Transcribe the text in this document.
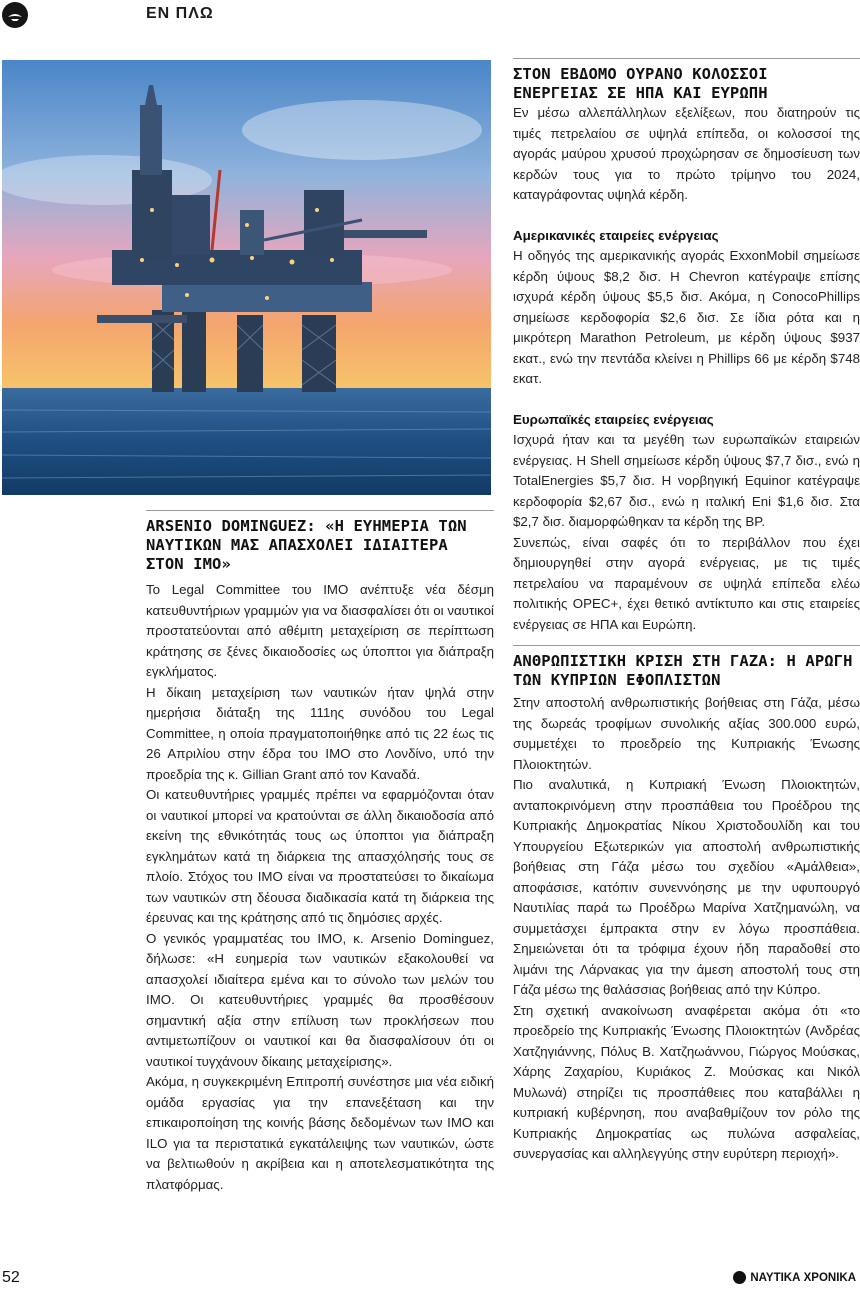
ΕΝ ΠΛΩ
ARSENIO DOMINGUEZ: «Η ΕΥΗΜΕΡΙΑ ΤΩΝ ΝΑΥΤΙΚΩΝ ΜΑΣ ΑΠΑΣΧΟΛΕΙ ΙΔΙΑΙΤΕΡΑ ΣΤΟΝ ΙΜΟ»

Το Legal Committee του IMO ανέπτυξε νέα δέσμη κατευθυντήριων γραμμών για να διασφαλίσει ότι οι ναυτικοί προστατεύονται από αθέμιτη μεταχείριση σε περίπτωση κράτησης σε ξένες δικαιοδοσίες ως ύποπτοι για διάπραξη εγκλήματος.

Η δίκαιη μεταχείριση των ναυτικών ήταν ψηλά στην ημερήσια διάταξη της 111ης συνόδου του Legal Committee, η οποία πραγματοποιήθηκε από τις 22 έως τις 26 Απριλίου στην έδρα του IMO στο Λονδίνο, υπό την προεδρία της κ. Gillian Grant από τον Καναδά.

Οι κατευθυντήριες γραμμές πρέπει να εφαρμόζονται όταν οι ναυτικοί μπορεί να κρατούνται σε άλλη δικαιοδοσία από εκείνη της εθνικότητάς τους ως ύποπτοι για διάπραξη εγκλημάτων κατά τη διάρκεια της απασχόλησής τους σε πλοίο. Στόχος του IMO είναι να προστατεύσει το δικαίωμα των ναυτικών στη δέουσα διαδικασία κατά τη διάρκεια της έρευνας και της κράτησης από τις δημόσιες αρχές.

Ο γενικός γραμματέας του IMO, κ. Arsenio Dominguez, δήλωσε: «Η ευημερία των ναυτικών εξακολουθεί να απασχολεί ιδιαίτερα εμένα και το σύνολο των μελών του IMO. Οι κατευθυντήριες γραμμές θα προσθέσουν σημαντική αξία στην επίλυση των προκλήσεων που αντιμετωπίζουν οι ναυτικοί και θα διασφαλίσουν ότι οι ναυτικοί τυγχάνουν δίκαιης μεταχείρισης».

Ακόμα, η συγκεκριμένη Επιτροπή συνέστησε μια νέα ειδική ομάδα εργασίας για την επανεξέταση και την επικαιροποίηση της κοινής βάσης δεδομένων των IMO και ILO για τα περιστατικά εγκατάλειψης των ναυτικών, ώστε να βελτιωθούν η ακρίβεια και η αποτελεσματικότητα της πλατφόρμας.

ΣΤΟΝ ΕΒΔΟΜΟ ΟΥΡΑΝΟ ΚΟΛΟΣΣΟΙ ΕΝΕΡΓΕΙΑΣ ΣΕ ΗΠΑ ΚΑΙ ΕΥΡΩΠΗ

Εν μέσω αλλεπάλληλων εξελίξεων, που διατηρούν τις τιμές πετρελαίου σε υψηλά επίπεδα, οι κολοσσοί της αγοράς μαύρου χρυσού προχώρησαν σε δημοσίευση των κερδών τους για το πρώτο τρίμηνο του 2024, καταγράφοντας υψηλά κέρδη.

Αμερικανικές εταιρείες ενέργειας

Η οδηγός της αμερικανικής αγοράς ExxonMobil σημείωσε κέρδη ύψους $8,2 δισ. Η Chevron κατέγραψε επίσης ισχυρά κέρδη ύψους $5,5 δισ. Ακόμα, η ConocoPhillips σημείωσε κερδοφορία $2,6 δισ. Σε ίδια ρότα και η μικρότερη Marathon Petroleum, με κέρδη ύψους $937 εκατ., ενώ την πεντάδα κλείνει η Phillips 66 με κέρδη $748 εκατ.

Ευρωπαϊκές εταιρείες ενέργειας

Ισχυρά ήταν και τα μεγέθη των ευρωπαϊκών εταιρειών ενέργειας. Η Shell σημείωσε κέρδη ύψους $7,7 δισ., ενώ η TotalEnergies $5,7 δισ. Η νορβηγική Equinor κατέγραψε κερδοφορία $2,67 δισ., ενώ η ιταλική Eni $1,6 δισ. Στα $2,7 δισ. διαμορφώθηκαν τα κέρδη της BP.

Συνεπώς, είναι σαφές ότι το περιβάλλον που έχει δημιουργηθεί στην αγορά ενέργειας, με τις τιμές πετρελαίου να παραμένουν σε υψηλά επίπεδα ελέω πολιτικής OPEC+, έχει θετικό αντίκτυπο και στις εταιρείες ενέργειας σε ΗΠΑ και Ευρώπη.

ΑΝΘΡΩΠΙΣΤΙΚΗ ΚΡΙΣΗ ΣΤΗ ΓΑΖΑ: Η ΑΡΩΓΗ ΤΩΝ ΚΥΠΡΙΩΝ ΕΦΟΠΛΙΣΤΩΝ

Στην αποστολή ανθρωπιστικής βοήθειας στη Γάζα, μέσω της δωρεάς τροφίμων συνολικής αξίας 300.000 ευρώ, συμμετέχει το προεδρείο της Κυπριακής Ένωσης Πλοιοκτητών.

Πιο αναλυτικά, η Κυπριακή Ένωση Πλοιοκτητών, ανταποκρινόμενη στην προσπάθεια του Προέδρου της Κυπριακής Δημοκρατίας Νίκου Χριστοδουλίδη και του Υπουργείου Εξωτερικών για αποστολή ανθρωπιστικής βοήθειας στη Γάζα μέσω του σχεδίου «Αμάλθεια», αποφάσισε, κατόπιν συνεννόησης με την υφυπουργό Ναυτιλίας παρά τω Προέδρω Μαρίνα Χατζημανώλη, να συμμετάσχει έμπρακτα στην εν λόγω προσπάθεια. Σημειώνεται ότι τα τρόφιμα έχουν ήδη παραδοθεί στο λιμάνι της Λάρνακας για την άμεση αποστολή τους στη Γάζα μέσω της θαλάσσιας βοήθειας από την Κύπρο.

Στη σχετική ανακοίνωση αναφέρεται ακόμα ότι «το προεδρείο της Κυπριακής Ένωσης Πλοιοκτητών (Ανδρέας Χατζηγιάννης, Πόλυς Β. Χατζηωάννου, Γιώργος Μούσκας, Χάρης Ζαχαρίου, Κυριάκος Ζ. Μούσκας και Νικόλ Μυλωνά) στηρίζει τις προσπάθειες που καταβάλλει η κυπριακή κυβέρνηση, που αναβαθμίζουν τον ρόλο της Κυπριακής Δημοκρατίας ως πυλώνα ασφαλείας, συνεργασίας και αλληλεγγύης στην ευρύτερη περιοχή».

52	ΝΑΥΤΙΚΑ ΧΡΟΝΙΚΑ
